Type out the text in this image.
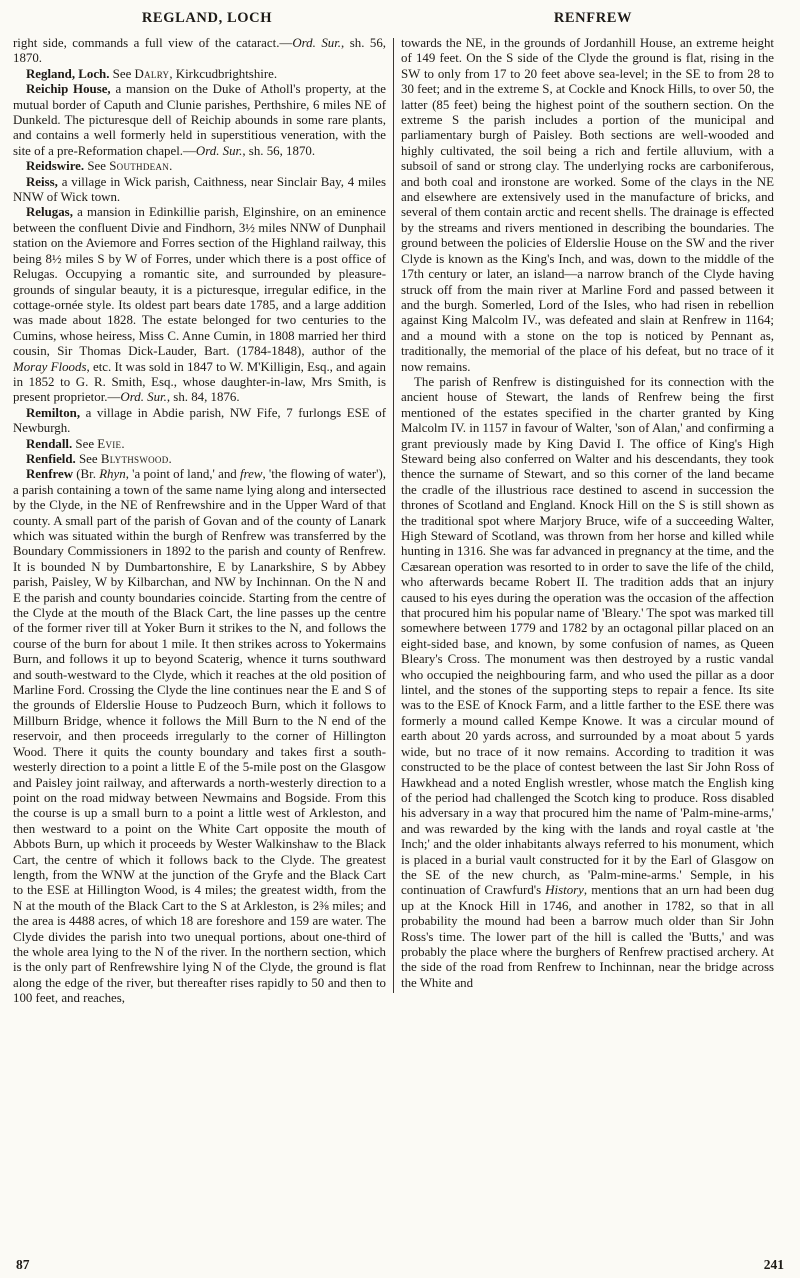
REGLAND, LOCH	RENFREW

right side, commands a full view of the cataract.—Ord. Sur., sh. 56, 1870.

Regland, Loch. See Dalry, Kirkcudbrightshire.

Reichip House, a mansion on the Duke of Atholl's property, at the mutual border of Caputh and Clunie parishes, Perthshire, 6 miles NE of Dunkeld. The picturesque dell of Reichip abounds in some rare plants, and contains a well formerly held in superstitious veneration, with the site of a pre-Reformation chapel.—Ord. Sur., sh. 56, 1870.

Reidswire. See Southdean.

Reiss, a village in Wick parish, Caithness, near Sinclair Bay, 4 miles NNW of Wick town.

Relugas, a mansion in Edinkillie parish, Elginshire, on an eminence between the confluent Divie and Findhorn, 3½ miles NNW of Dunphail station on the Aviemore and Forres section of the Highland railway, this being 8½ miles S by W of Forres, under which there is a post office of Relugas. Occupying a romantic site, and surrounded by pleasure-grounds of singular beauty, it is a picturesque, irregular edifice, in the cottage-ornée style. Its oldest part bears date 1785, and a large addition was made about 1828. The estate belonged for two centuries to the Cumins, whose heiress, Miss C. Anne Cumin, in 1808 married her third cousin, Sir Thomas Dick-Lauder, Bart. (1784-1848), author of the Moray Floods, etc. It was sold in 1847 to W. M'Killigin, Esq., and again in 1852 to G. R. Smith, Esq., whose daughter-in-law, Mrs Smith, is present proprietor.—Ord. Sur., sh. 84, 1876.

Remilton, a village in Abdie parish, NW Fife, 7 furlongs ESE of Newburgh.

Rendall. See Evie.

Renfield. See Blythswood.

Renfrew (Br. Rhyn, 'a point of land,' and frew, 'the flowing of water'), a parish containing a town of the same name lying along and intersected by the Clyde, in the NE of Renfrewshire and in the Upper Ward of that county. A small part of the parish of Govan and of the county of Lanark which was situated within the burgh of Renfrew was transferred by the Boundary Commissioners in 1892 to the parish and county of Renfrew. It is bounded N by Dumbartonshire, E by Lanarkshire, S by Abbey parish, Paisley, W by Kilbarchan, and NW by Inchinnan. On the N and E the parish and county boundaries coincide. Starting from the centre of the Clyde at the mouth of the Black Cart, the line passes up the centre of the former river till at Yoker Burn it strikes to the N, and follows the course of the burn for about 1 mile. It then strikes across to Yokermains Burn, and follows it up to beyond Scaterig, whence it turns southward and south-westward to the Clyde, which it reaches at the old position of Marline Ford. Crossing the Clyde the line continues near the E and S of the grounds of Elderslie House to Pudzeoch Burn, which it follows to Millburn Bridge, whence it follows the Mill Burn to the N end of the reservoir, and then proceeds irregularly to the corner of Hillington Wood. There it quits the county boundary and takes first a south-westerly direction to a point a little E of the 5-mile post on the Glasgow and Paisley joint railway, and afterwards a north-westerly direction to a point on the road midway between Newmains and Bogside. From this the course is up a small burn to a point a little west of Arkleston, and then westward to a point on the White Cart opposite the mouth of Abbots Burn, up which it proceeds by Wester Walkinshaw to the Black Cart, the centre of which it follows back to the Clyde. The greatest length, from the WNW at the junction of the Gryfe and the Black Cart to the ESE at Hillington Wood, is 4 miles; the greatest width, from the N at the mouth of the Black Cart to the S at Arkleston, is 2⅜ miles; and the area is 4488 acres, of which 18 are foreshore and 159 are water. The Clyde divides the parish into two unequal portions, about one-third of the whole area lying to the N of the river. In the northern section, which is the only part of Renfrewshire lying N of the Clyde, the ground is flat along the edge of the river, but thereafter rises rapidly to 50 and then to 100 feet, and reaches,

towards the NE, in the grounds of Jordanhill House, an extreme height of 149 feet. On the S side of the Clyde the ground is flat, rising in the SW to only from 17 to 20 feet above sea-level; in the SE to from 28 to 30 feet; and in the extreme S, at Cockle and Knock Hills, to over 50, the latter (85 feet) being the highest point of the southern section. On the extreme S the parish includes a portion of the municipal and parliamentary burgh of Paisley. Both sections are well-wooded and highly cultivated, the soil being a rich and fertile alluvium, with a subsoil of sand or strong clay. The underlying rocks are carboniferous, and both coal and ironstone are worked. Some of the clays in the NE and elsewhere are extensively used in the manufacture of bricks, and several of them contain arctic and recent shells. The drainage is effected by the streams and rivers mentioned in describing the boundaries. The ground between the policies of Elderslie House on the SW and the river Clyde is known as the King's Inch, and was, down to the middle of the 17th century or later, an island—a narrow branch of the Clyde having struck off from the main river at Marline Ford and passed between it and the burgh. Somerled, Lord of the Isles, who had risen in rebellion against King Malcolm IV., was defeated and slain at Renfrew in 1164; and a mound with a stone on the top is noticed by Pennant as, traditionally, the memorial of the place of his defeat, but no trace of it now remains.

The parish of Renfrew is distinguished for its connection with the ancient house of Stewart, the lands of Renfrew being the first mentioned of the estates specified in the charter granted by King Malcolm IV. in 1157 in favour of Walter, 'son of Alan,' and confirming a grant previously made by King David I. The office of King's High Steward being also conferred on Walter and his descendants, they took thence the surname of Stewart, and so this corner of the land became the cradle of the illustrious race destined to ascend in succession the thrones of Scotland and England. Knock Hill on the S is still shown as the traditional spot where Marjory Bruce, wife of a succeeding Walter, High Steward of Scotland, was thrown from her horse and killed while hunting in 1316. She was far advanced in pregnancy at the time, and the Cæsarean operation was resorted to in order to save the life of the child, who afterwards became Robert II. The tradition adds that an injury caused to his eyes during the operation was the occasion of the affection that procured him his popular name of 'Bleary.' The spot was marked till somewhere between 1779 and 1782 by an octagonal pillar placed on an eight-sided base, and known, by some confusion of names, as Queen Bleary's Cross. The monument was then destroyed by a rustic vandal who occupied the neighbouring farm, and who used the pillar as a door lintel, and the stones of the supporting steps to repair a fence. Its site was to the ESE of Knock Farm, and a little farther to the ESE there was formerly a mound called Kempe Knowe. It was a circular mound of earth about 20 yards across, and surrounded by a moat about 5 yards wide, but no trace of it now remains. According to tradition it was constructed to be the place of contest between the last Sir John Ross of Hawkhead and a noted English wrestler, whose match the English king of the period had challenged the Scotch king to produce. Ross disabled his adversary in a way that procured him the name of 'Palm-mine-arms,' and was rewarded by the king with the lands and royal castle at 'the Inch;' and the older inhabitants always referred to his monument, which is placed in a burial vault constructed for it by the Earl of Glasgow on the SE of the new church, as 'Palm-mine-arms.' Semple, in his continuation of Crawfurd's History, mentions that an urn had been dug up at the Knock Hill in 1746, and another in 1782, so that in all probability the mound had been a barrow much older than Sir John Ross's time. The lower part of the hill is called the 'Butts,' and was probably the place where the burghers of Renfrew practised archery. At the side of the road from Renfrew to Inchinnan, near the bridge across the White and

87	241
